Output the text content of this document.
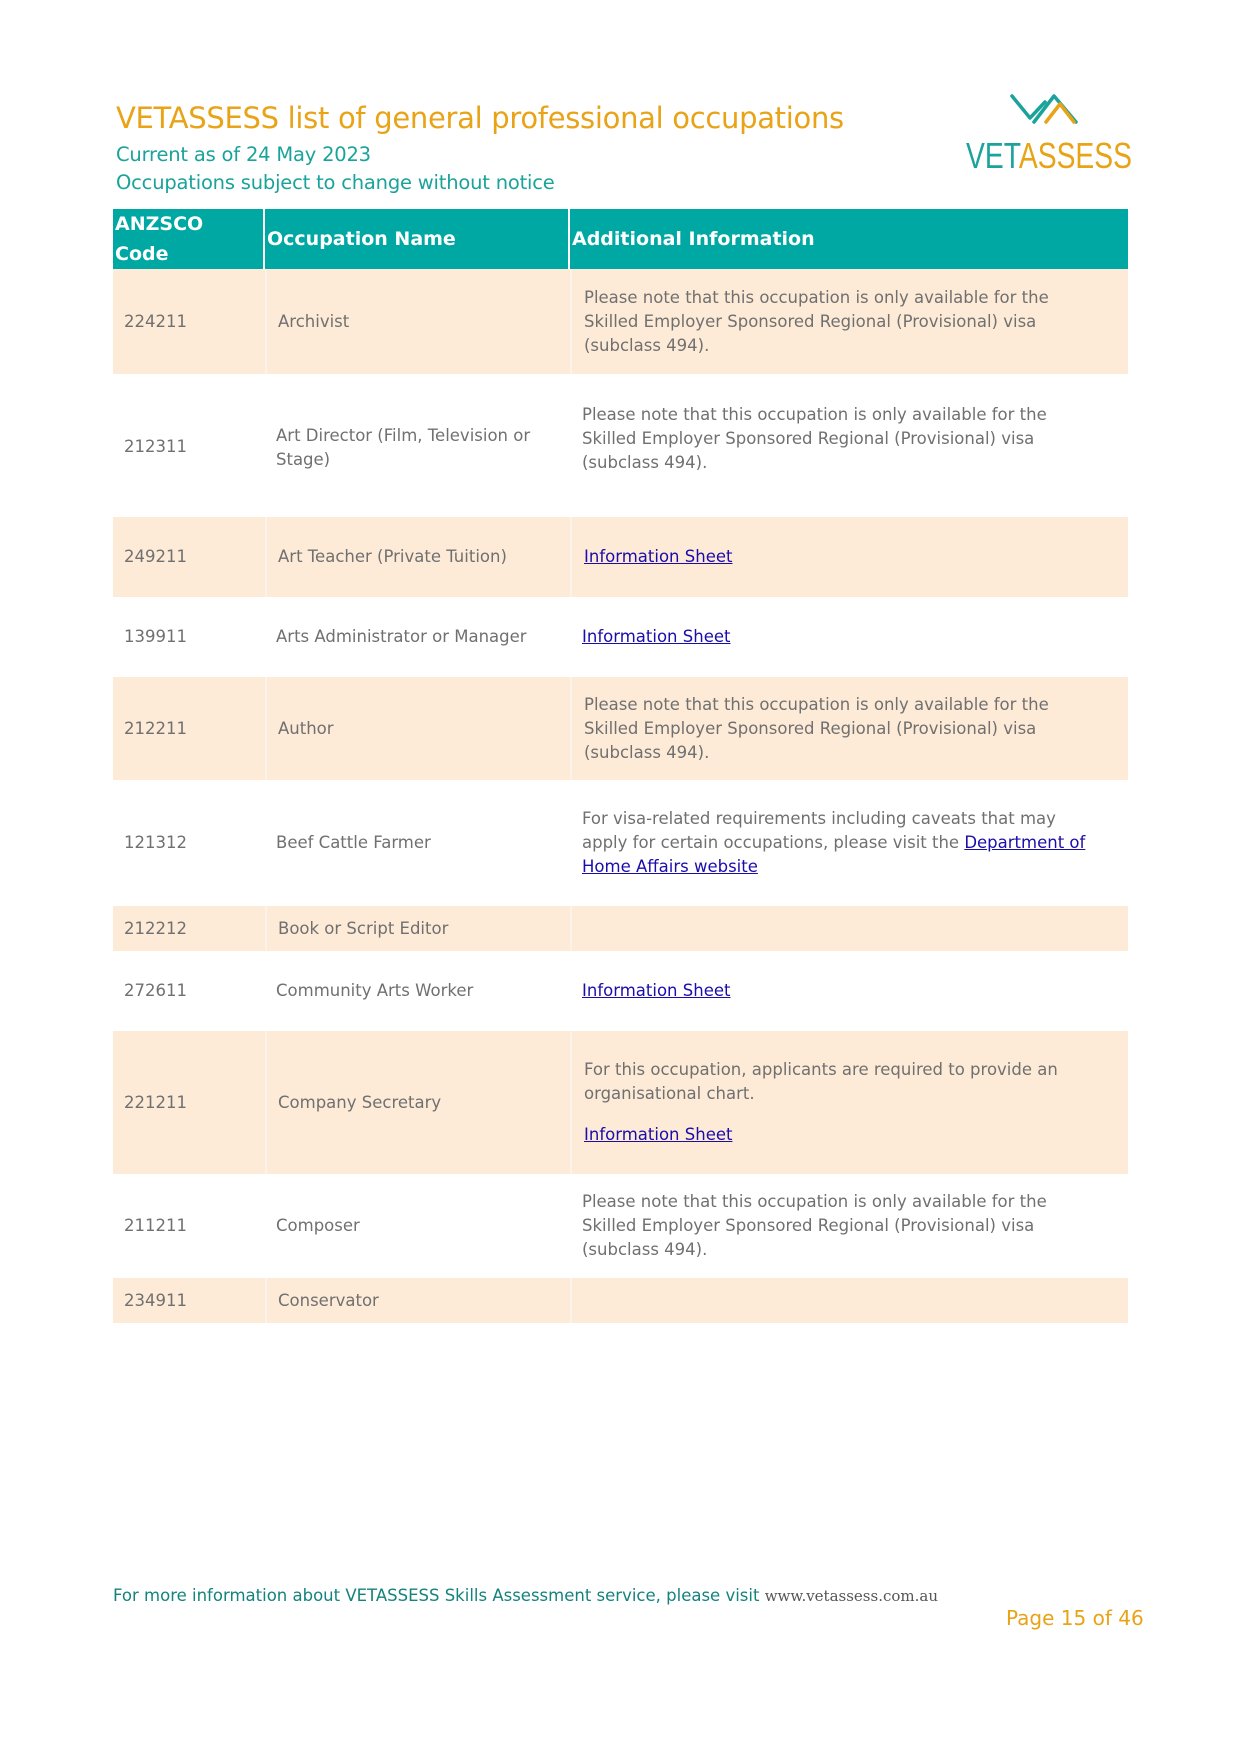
VETASSESS list of general professional occupations

Current as of 24 May 2023

Occupations subject to change without notice

VETASSESS
ANZSCO Code	Occupation Name	Additional Information
224211	Archivist	Please note that this occupation is only available for the Skilled Employer Sponsored Regional (Provisional) visa (subclass 494).
212311	Art Director (Film, Television or Stage)	Please note that this occupation is only available for the Skilled Employer Sponsored Regional (Provisional) visa (subclass 494).
249211	Art Teacher (Private Tuition)	Information Sheet
139911	Arts Administrator or Manager	Information Sheet
212211	Author	Please note that this occupation is only available for the Skilled Employer Sponsored Regional (Provisional) visa (subclass 494).
121312	Beef Cattle Farmer	For visa-related requirements including caveats that may apply for certain occupations, please visit the Department of Home Affairs website
212212	Book or Script Editor	
272611	Community Arts Worker	Information Sheet
221211	Company Secretary	For this occupation, applicants are required to provide an organisational chart.

Information Sheet

211211	Composer	Please note that this occupation is only available for the Skilled Employer Sponsored Regional (Provisional) visa (subclass 494).
234911	Conservator	

For more information about VETASSESS Skills Assessment service, please visit www.vetassess.com.au

Page 15 of 46
